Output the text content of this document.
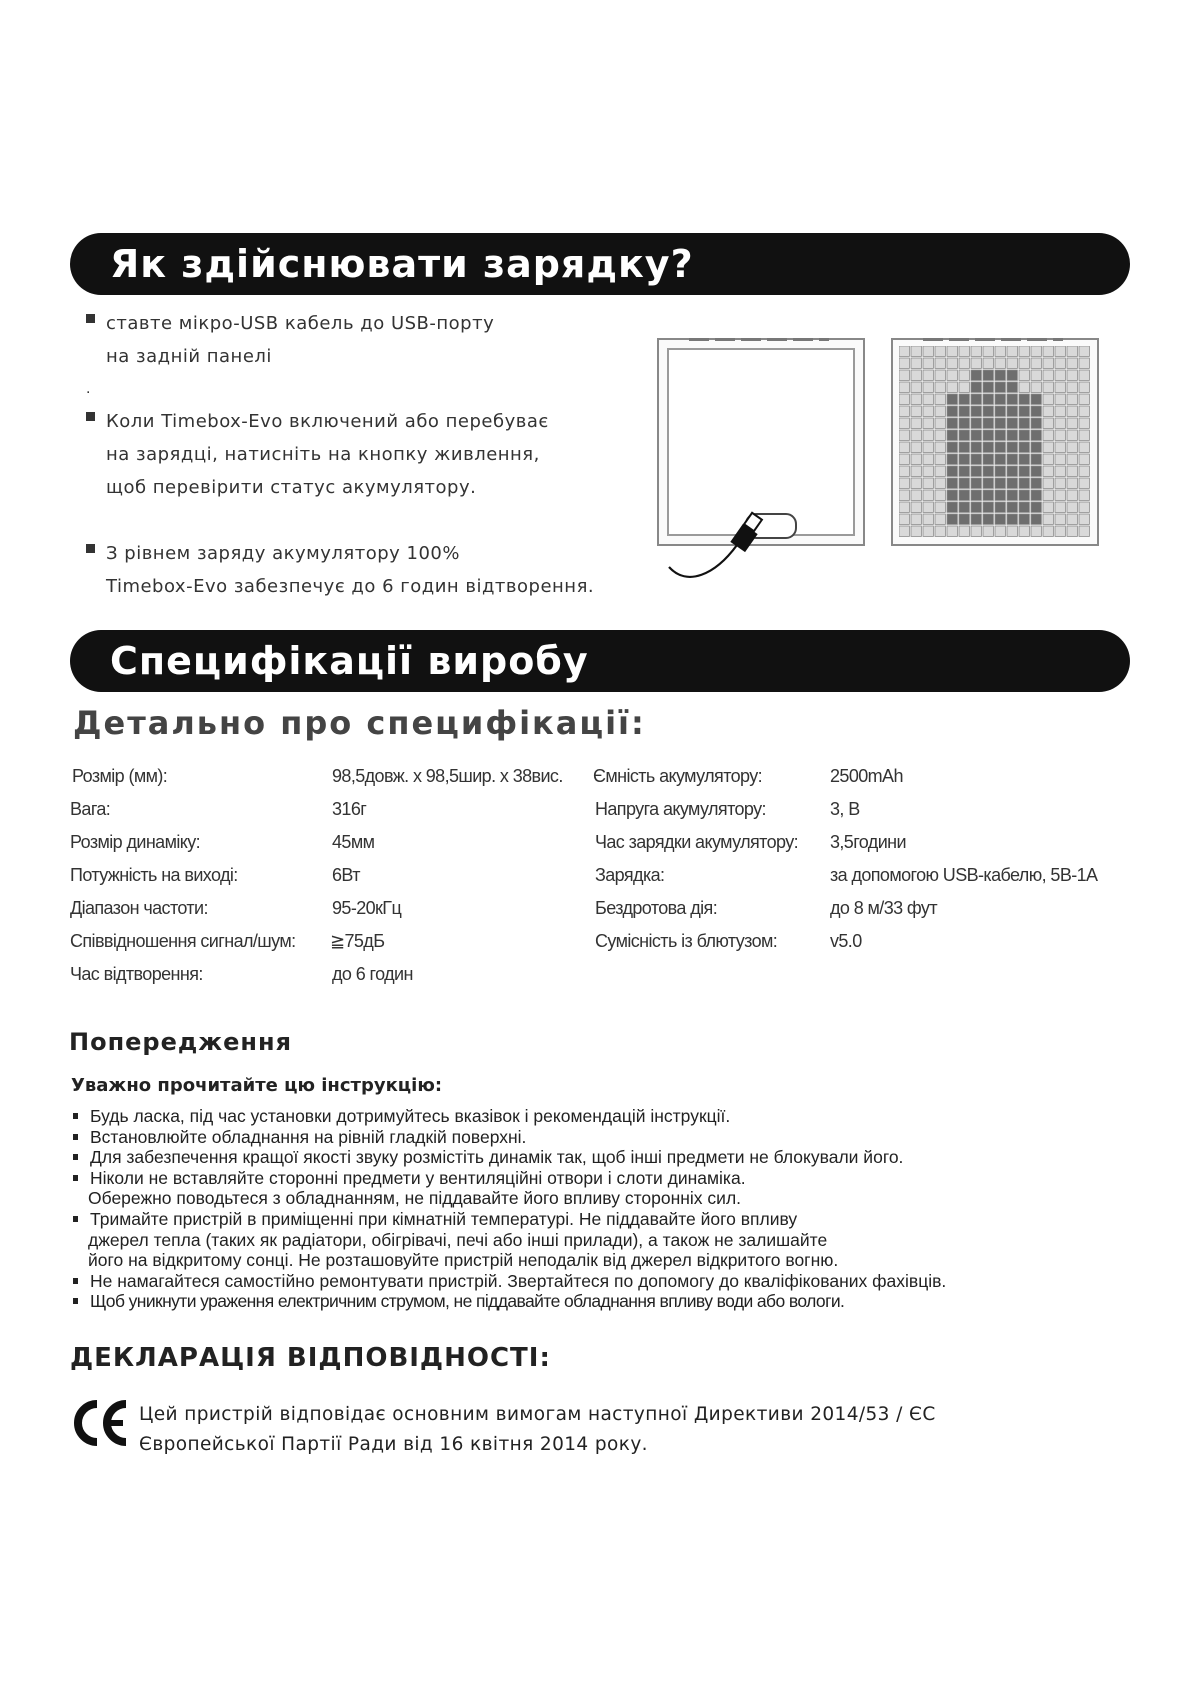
Як здійснювати зарядку?
ставте мікро-USB кабель до USB-порту
на задній панелі
.
Коли Timebox-Evo включений або перебуває
на зарядці, натисніть на кнопку живлення,
щоб перевірити статус акумулятору.
З рівнем заряду акумулятору 100%
Timebox-Evo забезпечує до 6 годин відтворення.
Специфікації виробу
Детально про специфікації:
Розмір (мм):	98,5довж. x 98,5шир. x 38вис.
Вага:	316г
Розмір динаміку:	45мм
Потужність на виході:	6Вт
Діапазон частоти:	95-20кГц
Співвідношення сигнал/шум: ≧75дБ
Час відтворення:	до 6 годин
Ємність акумулятору:	2500mAh
Напруга акумулятору:	3, В
Час зарядки акумулятору: 3,5години
Зарядка:	за допомогою USB-кабелю, 5В-1А
Бездротова дія:	до 8 м/33 фут
Сумісність із блютузом:	v5.0
Попередження
Уважно прочитайте цю інструкцію:
Будь ласка, під час установки дотримуйтесь вказівок і рекомендацій інструкції.
Встановлюйте обладнання на рівній гладкій поверхні.
Для забезпечення кращої якості звуку розмістіть динамік так, щоб інші предмети не блокували його.
Ніколи не вставляйте сторонні предмети у вентиляційні отвори і слоти динаміка.
Обережно поводьтеся з обладнанням, не піддавайте його впливу сторонніх сил.
Тримайте пристрій в приміщенні при кімнатній температурі. Не піддавайте його впливу
джерел тепла (таких як радіатори, обігрівачі, печі або інші прилади), а також не залишайте
його на відкритому сонці. Не розташовуйте пристрій неподалік від джерел відкритого вогню.
Не намагайтеся самостійно ремонтувати пристрій. Звертайтеся по допомогу до кваліфікованих фахівців.
Щоб уникнути ураження електричним струмом, не піддавайте обладнання впливу води або вологи.
ДЕКЛАРАЦІЯ ВІДПОВІДНОСТІ:
Цей пристрій відповідає основним вимогам наступної Директиви 2014/53 / ЄС
Європейської Партії Ради від 16 квітня 2014 року.
